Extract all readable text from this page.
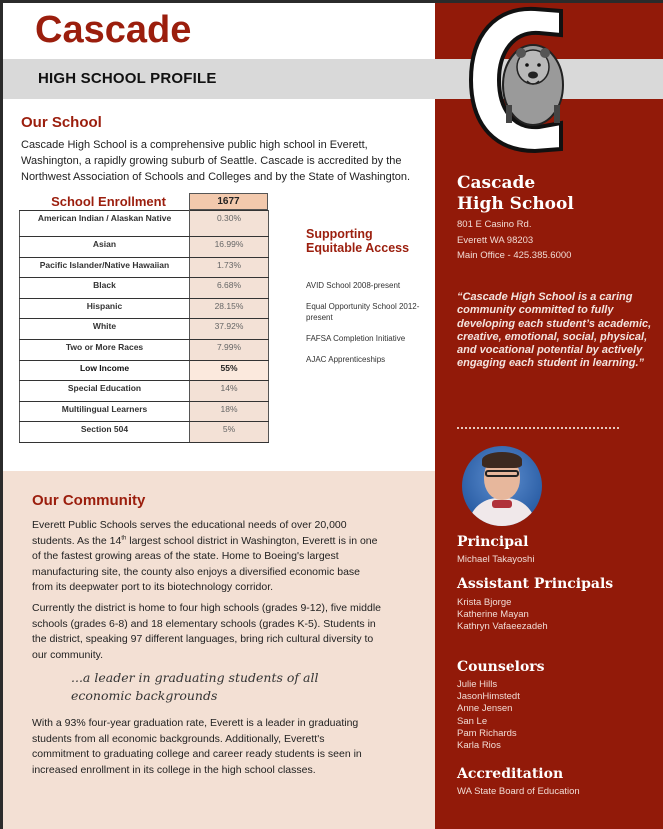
Cascade
HIGH SCHOOL PROFILE
Our School

Cascade High School is a comprehensive public high school in Everett, Washington, a rapidly growing suburb of Seattle. Cascade is accredited by the Northwest Association of Schools and Colleges and by the State of Washington.

School Enrollment	1677
American Indian / Alaskan Native	0.30%
Asian	16.99%
Pacific Islander/Native Hawaiian	1.73%
Black	6.68%
Hispanic	28.15%
White	37.92%
Two or More Races	7.99%
Low Income	55%
Special Education	14%
Multilingual Learners	18%
Section 504	5%
Supporting
Equitable Access
AVID School 2008-present
Equal Opportunity School 2012-present
FAFSA Completion Initiative
AJAC Apprenticeships
Our Community

Everett Public Schools serves the educational needs of over 20,000 students. As the 14th largest school district in Washington, Everett is in one of the fastest growing areas of the state. Home to Boeing's largest manufacturing site, the county also enjoys a diversified economic base from its deepwater port to its biotechnology corridor.

Currently the district is home to four high schools (grades 9-12), five middle schools (grades 6-8) and 18 elementary schools (grades K-5). Students in the district, speaking 97 different languages, bring rich cultural diversity to our community.

...a leader in graduating students of all economic backgrounds

With a 93% four-year graduation rate, Everett is a leader in graduating students from all economic backgrounds. Additionally, Everett's commitment to graduating college and career ready students is seen in increased enrollment in its college in the high school classes.

Cascade
High School
801 E Casino Rd.
Everett WA 98203
Main Office - 425.385.6000

“Cascade High School is a caring community committed to fully developing each student’s academic, creative, emotional, social, physical, and vocational potential by actively engaging each student in learning.”

Principal
Michael Takayoshi
Assistant Principals
Krista Bjorge
Katherine Mayan
Kathryn Vafaeezadeh
Counselors
Julie Hills
JasonHimstedt
Anne Jensen
San Le
Pam Richards
Karla Rios
Accreditation
WA State Board of Education
